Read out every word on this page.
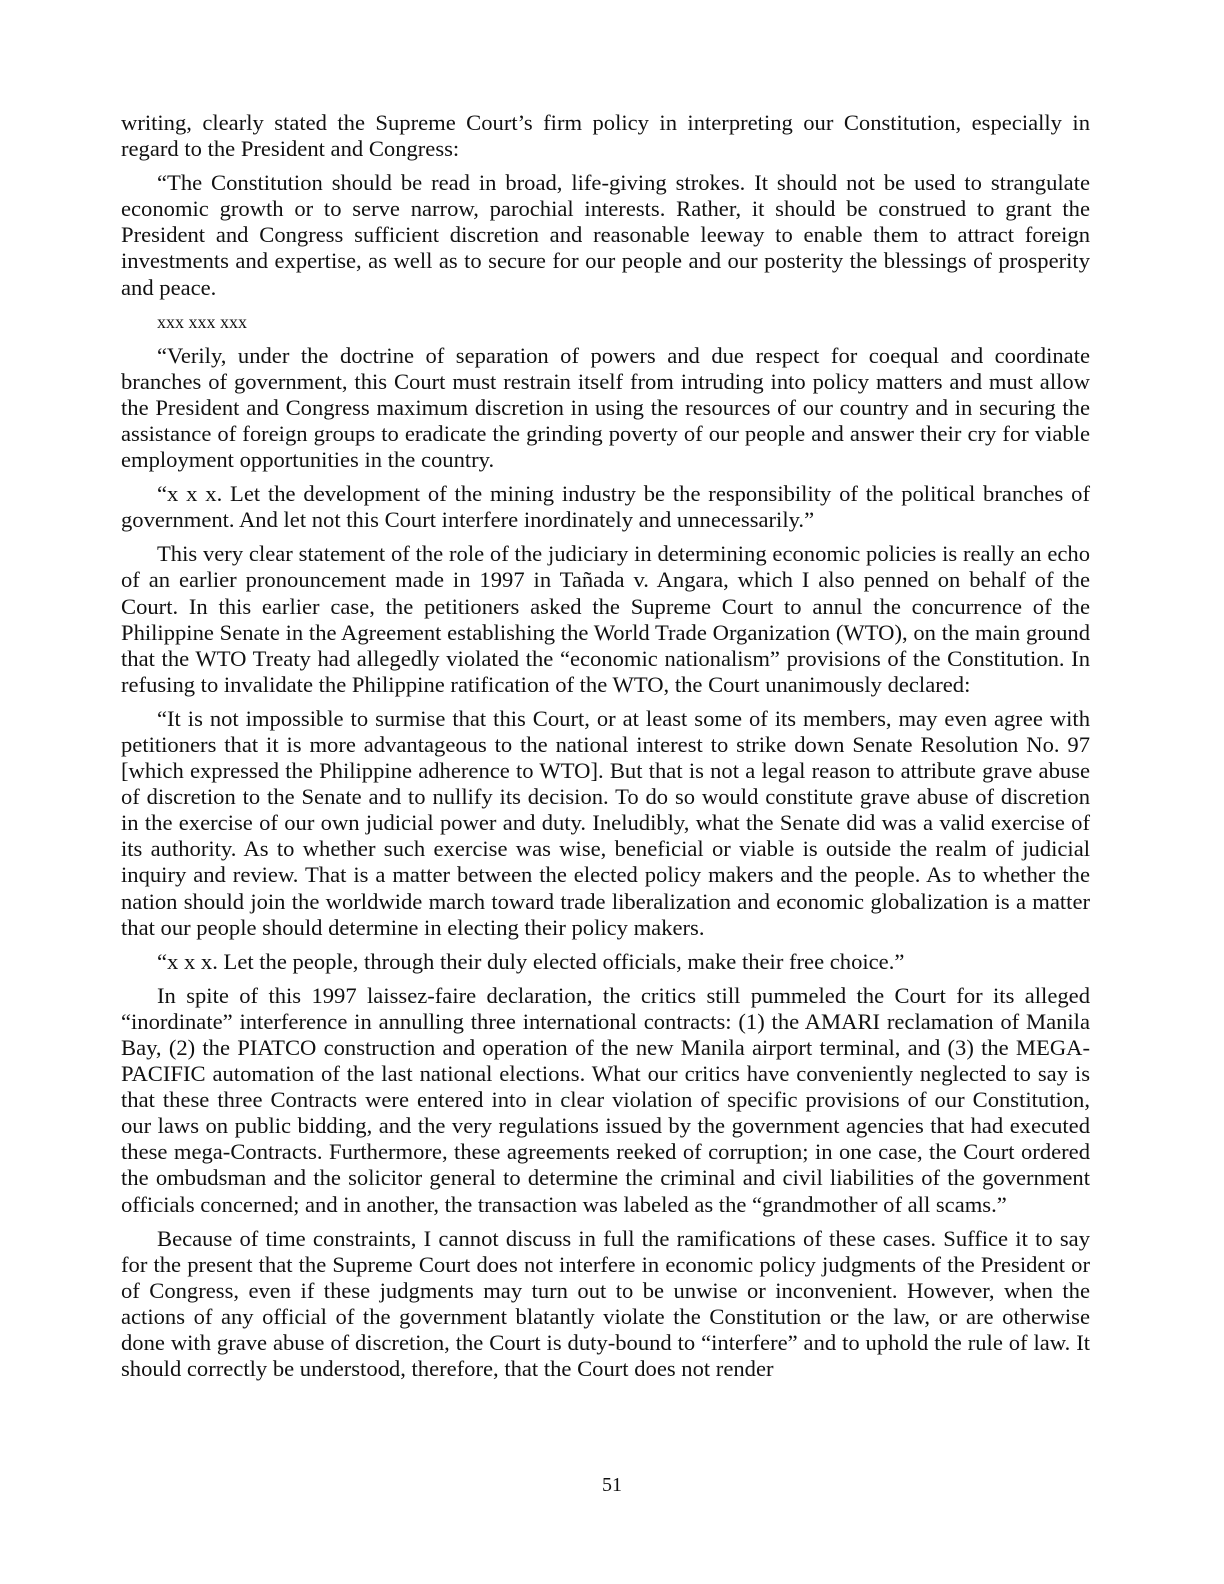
writing, clearly stated the Supreme Court’s firm policy in interpreting our Constitution, especially in regard to the President and Congress:

“The Constitution should be read in broad, life-giving strokes. It should not be used to strangulate economic growth or to serve narrow, parochial interests. Rather, it should be construed to grant the President and Congress sufficient discretion and reasonable leeway to enable them to attract foreign investments and expertise, as well as to secure for our people and our posterity the blessings of prosperity and peace.

xxx xxx xxx

“Verily, under the doctrine of separation of powers and due respect for coequal and coordinate branches of government, this Court must restrain itself from intruding into policy matters and must allow the President and Congress maximum discretion in using the resources of our country and in securing the assistance of foreign groups to eradicate the grinding poverty of our people and answer their cry for viable employment opportunities in the country.

“x x x. Let the development of the mining industry be the responsibility of the political branches of government. And let not this Court interfere inordinately and unnecessarily.”

This very clear statement of the role of the judiciary in determining economic policies is really an echo of an earlier pronouncement made in 1997 in Tañada v. Angara, which I also penned on behalf of the Court. In this earlier case, the petitioners asked the Supreme Court to annul the concurrence of the Philippine Senate in the Agreement establishing the World Trade Organization (WTO), on the main ground that the WTO Treaty had allegedly violated the “economic nationalism” provisions of the Constitution. In refusing to invalidate the Philippine ratification of the WTO, the Court unanimously declared:

“It is not impossible to surmise that this Court, or at least some of its members, may even agree with petitioners that it is more advantageous to the national interest to strike down Senate Resolution No. 97 [which expressed the Philippine adherence to WTO]. But that is not a legal reason to attribute grave abuse of discretion to the Senate and to nullify its decision. To do so would constitute grave abuse of discretion in the exercise of our own judicial power and duty. Ineludibly, what the Senate did was a valid exercise of its authority. As to whether such exercise was wise, beneficial or viable is outside the realm of judicial inquiry and review. That is a matter between the elected policy makers and the people. As to whether the nation should join the worldwide march toward trade liberalization and economic globalization is a matter that our people should determine in electing their policy makers.

“x x x. Let the people, through their duly elected officials, make their free choice.”

In spite of this 1997 laissez-faire declaration, the critics still pummeled the Court for its alleged “inordinate” interference in annulling three international contracts: (1) the AMARI reclamation of Manila Bay, (2) the PIATCO construction and operation of the new Manila airport terminal, and (3) the MEGA-PACIFIC automation of the last national elections. What our critics have conveniently neglected to say is that these three Contracts were entered into in clear violation of specific provisions of our Constitution, our laws on public bidding, and the very regulations issued by the government agencies that had executed these mega-Contracts. Furthermore, these agreements reeked of corruption; in one case, the Court ordered the ombudsman and the solicitor general to determine the criminal and civil liabilities of the government officials concerned; and in another, the transaction was labeled as the “grandmother of all scams.”

Because of time constraints, I cannot discuss in full the ramifications of these cases. Suffice it to say for the present that the Supreme Court does not interfere in economic policy judgments of the President or of Congress, even if these judgments may turn out to be unwise or inconvenient. However, when the actions of any official of the government blatantly violate the Constitution or the law, or are otherwise done with grave abuse of discretion, the Court is duty-bound to “interfere” and to uphold the rule of law. It should correctly be understood, therefore, that the Court does not render

51
